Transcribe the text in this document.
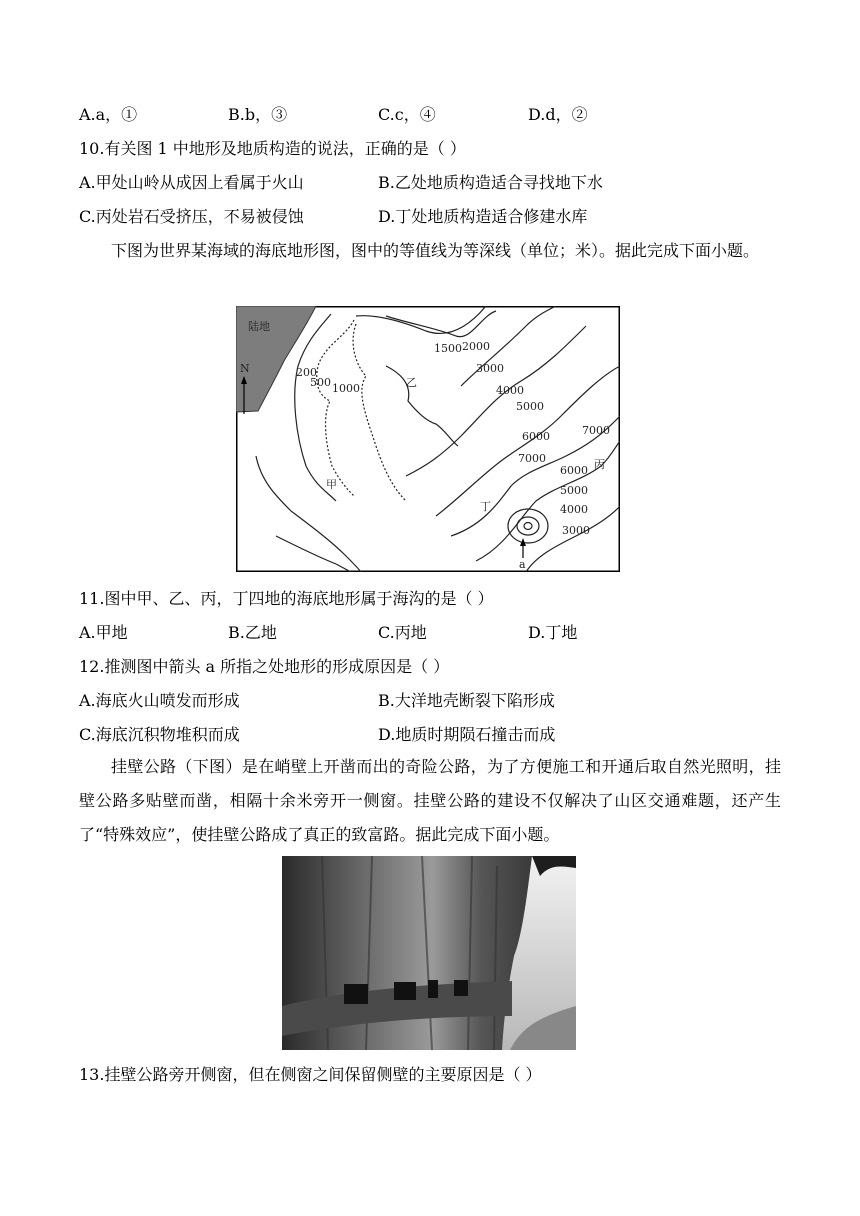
A.a，①	B.b，③	C.c，④	D.d，②
10.有关图 1 中地形及地质构造的说法，正确的是（ ）
A.甲处山岭从成因上看属于火山	B.乙处地质构造适合寻找地下水
C.丙处岩石受挤压，不易被侵蚀	D.丁处地质构造适合修建水库
下图为世界某海域的海底地形图，图中的等值线为等深线（单位；米）。据此完成下面小题。
陆地
N	200
500 1000
1500 2000
3000
4000
5000
6000
7000
7000
6000
5000
4000
3000
甲
乙
丙
丁
a
11.图中甲、乙、丙，丁四地的海底地形属于海沟的是（ ）
A.甲地	B.乙地	C.丙地	D.丁地
12.推测图中箭头 a 所指之处地形的形成原因是（ ）
A.海底火山喷发而形成	B.大洋地壳断裂下陷形成
C.海底沉积物堆积而成	D.地质时期陨石撞击而成
挂壁公路（下图）是在峭壁上开凿而出的奇险公路，为了方便施工和开通后取自然光照明，挂壁公路多贴壁而凿，相隔十余米旁开一侧窗。挂壁公路的建设不仅解决了山区交通难题，还产生了“特殊效应”，使挂壁公路成了真正的致富路。据此完成下面小题。
13.挂壁公路旁开侧窗，但在侧窗之间保留侧壁的主要原因是（ ）
